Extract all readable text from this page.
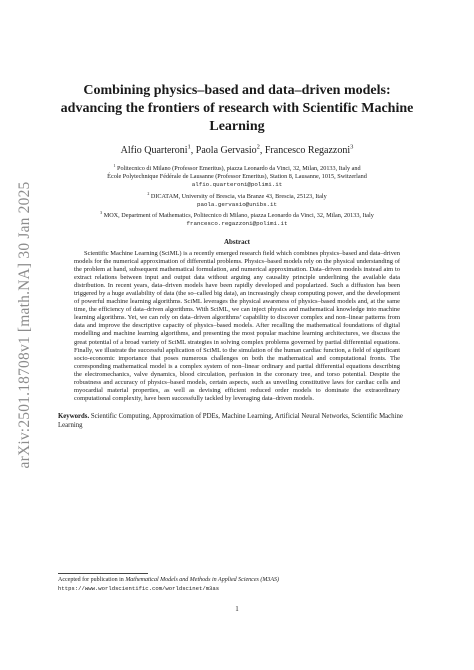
arXiv:2501.18708v1 [math.NA] 30 Jan 2025
Combining physics–based and data–driven models: advancing the frontiers of research with Scientific Machine Learning
Alfio Quarteroni$^1$, Paola Gervasio$^2$, Francesco Regazzoni$^3$
$^1$ Politecnico di Milano (Professor Emeritus), piazza Leonardo da Vinci, 32, Milan, 20133, Italy and
École Polytechnique Fédérale de Lausanne (Professor Emeritus), Station 8, Lausanne, 1015, Switzerland
alfio.quarteroni@polimi.it
$^2$ DICATAM, University of Brescia, via Branze 43, Brescia, 25123, Italy
paola.gervasio@unibs.it
$^3$ MOX, Department of Mathematics, Politecnico di Milano, piazza Leonardo da Vinci, 32, Milan, 20133, Italy
francesco.regazzoni@polimi.it
Abstract

Scientific Machine Learning (SciML) is a recently emerged research field which combines physics–based and data–driven models for the numerical approximation of differential problems. Physics–based models rely on the physical understanding of the problem at hand, subsequent mathematical formulation, and numerical approximation. Data–driven models instead aim to extract relations between input and output data without arguing any causality principle underlining the available data distribution. In recent years, data–driven models have been rapidly developed and popularized. Such a diffusion has been triggered by a huge availability of data (the so–called big data), an increasingly cheap computing power, and the development of powerful machine learning algorithms. SciML leverages the physical awareness of physics–based models and, at the same time, the efficiency of data–driven algorithms. With SciML, we can inject physics and mathematical knowledge into machine learning algorithms. Yet, we can rely on data–driven algorithms’ capability to discover complex and non–linear patterns from data and improve the descriptive capacity of physics–based models. After recalling the mathematical foundations of digital modelling and machine learning algorithms, and presenting the most popular machine learning architectures, we discuss the great potential of a broad variety of SciML strategies in solving complex problems governed by partial differential equations. Finally, we illustrate the successful application of SciML to the simulation of the human cardiac function, a field of significant socio-economic importance that poses numerous challenges on both the mathematical and computational fronts. The corresponding mathematical model is a complex system of non–linear ordinary and partial differential equations describing the electromechanics, valve dynamics, blood circulation, perfusion in the coronary tree, and torso potential. Despite the robustness and accuracy of physics–based models, certain aspects, such as unveiling constitutive laws for cardiac cells and myocardial material properties, as well as devising efficient reduced order models to dominate the extraordinary computational complexity, have been successfully tackled by leveraging data–driven models.

Keywords. Scientific Computing, Approximation of PDEs, Machine Learning, Artificial Neural Networks, Scientific Machine Learning
Accepted for publication in Mathematical Models and Methods in Applied Sciences (M3AS) https://www.worldscientific.com/worldscinet/m3as
1
